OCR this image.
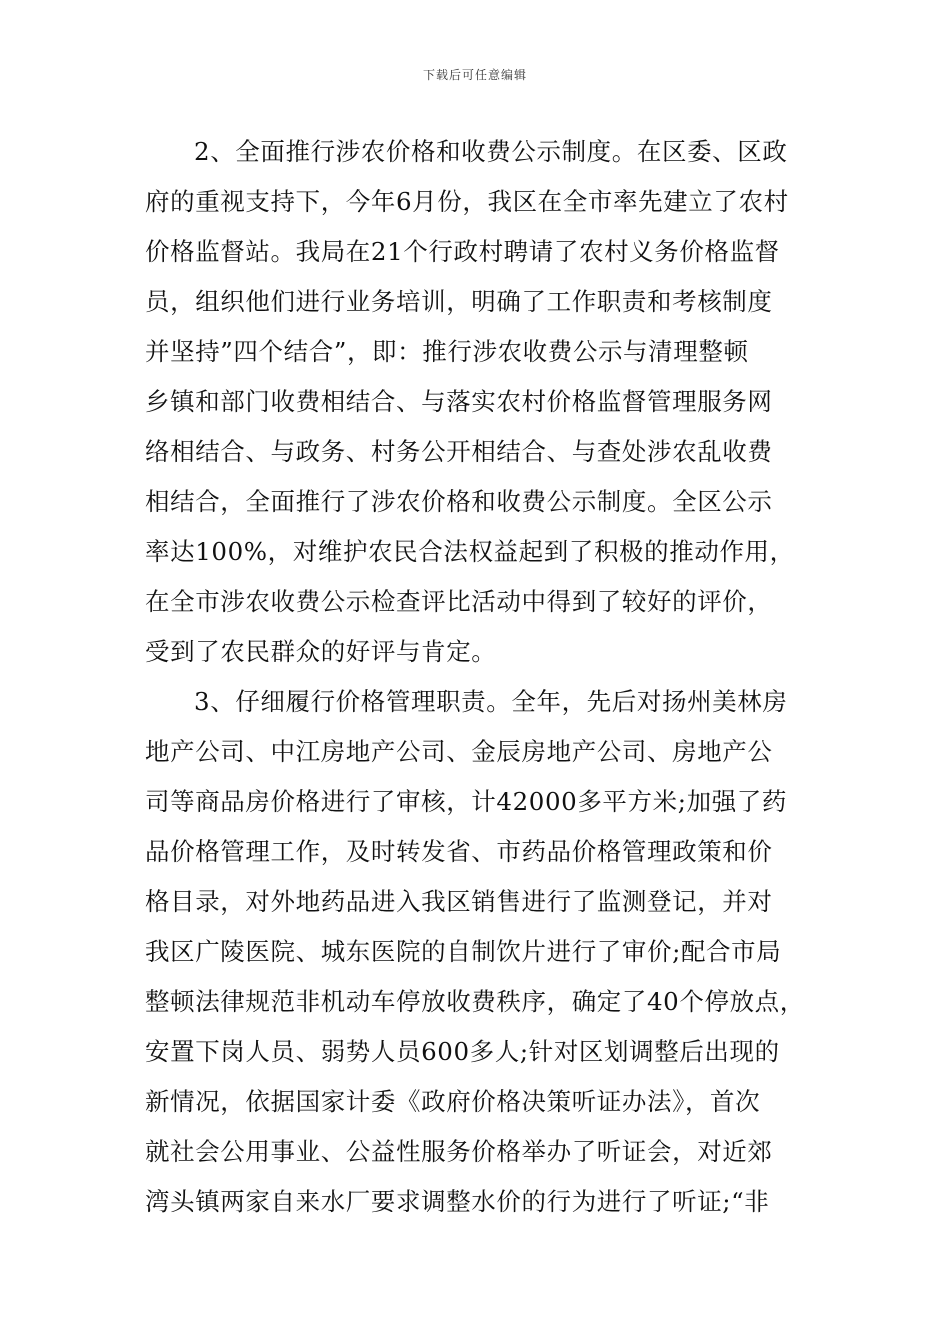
下载后可任意编辑
2、全面推行涉农价格和收费公示制度。在区委、区政
府的重视支持下，今年6月份，我区在全市率先建立了农村
价格监督站。我局在21个行政村聘请了农村义务价格监督
员，组织他们进行业务培训，明确了工作职责和考核制度
并坚持”四个结合”，即：推行涉农收费公示与清理整顿
乡镇和部门收费相结合、与落实农村价格监督管理服务网
络相结合、与政务、村务公开相结合、与查处涉农乱收费
相结合，全面推行了涉农价格和收费公示制度。全区公示
率达100%，对维护农民合法权益起到了积极的推动作用，
在全市涉农收费公示检查评比活动中得到了较好的评价，
受到了农民群众的好评与肯定。
3、仔细履行价格管理职责。全年，先后对扬州美林房
地产公司、中江房地产公司、金辰房地产公司、房地产公
司等商品房价格进行了审核，计42000多平方米;加强了药
品价格管理工作，及时转发省、市药品价格管理政策和价
格目录，对外地药品进入我区销售进行了监测登记，并对
我区广陵医院、城东医院的自制饮片进行了审价;配合市局
整顿法律规范非机动车停放收费秩序，确定了40个停放点，
安置下岗人员、弱势人员600多人;针对区划调整后出现的
新情况，依据国家计委《政府价格决策听证办法》，首次
就社会公用事业、公益性服务价格举办了听证会，对近郊
湾头镇两家自来水厂要求调整水价的行为进行了听证;“非
